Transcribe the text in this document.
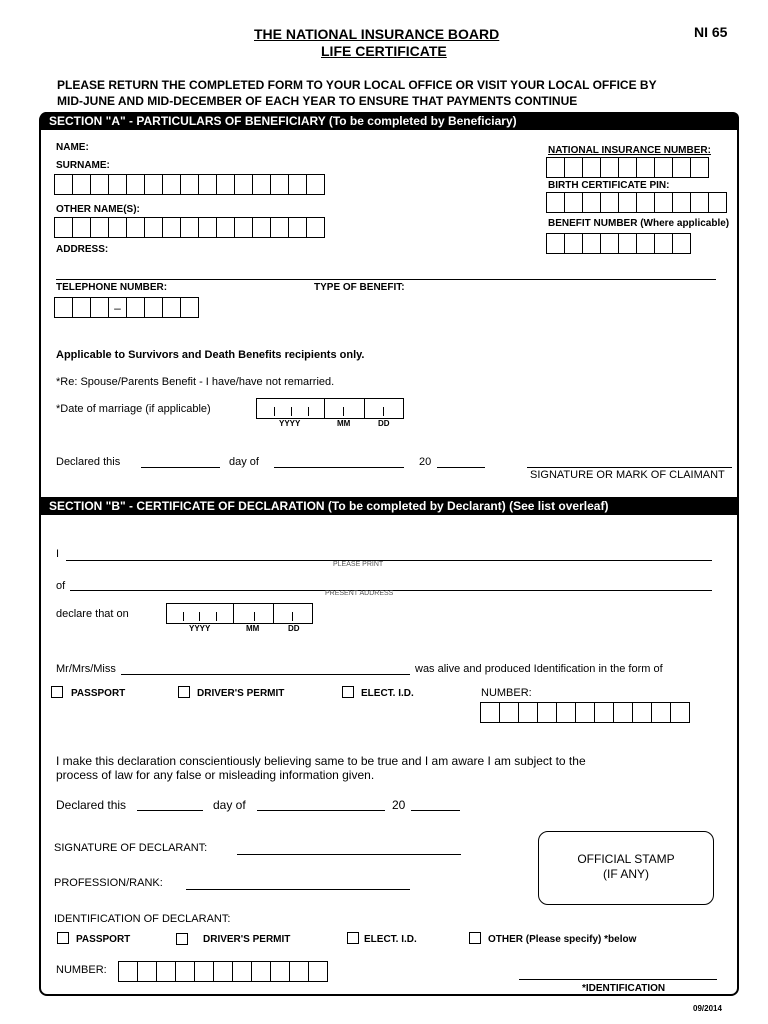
THE NATIONAL INSURANCE BOARD
LIFE CERTIFICATE
NI 65
PLEASE RETURN THE COMPLETED FORM TO YOUR LOCAL OFFICE OR VISIT YOUR LOCAL OFFICE BY
MID-JUNE AND MID-DECEMBER OF EACH YEAR TO ENSURE THAT PAYMENTS CONTINUE
SECTION "A" - PARTICULARS OF BENEFICIARY (To be completed by Beneficiary)
NAME:
SURNAME:
OTHER NAME(S):
ADDRESS:
NATIONAL INSURANCE NUMBER:
BIRTH CERTIFICATE PIN:
BENEFIT NUMBER (Where applicable)
TELEPHONE NUMBER:
–
TYPE OF BENEFIT:
Applicable to Survivors and Death Benefits recipients only.
*Re: Spouse/Parents Benefit - I have/have not remarried.
*Date of marriage (if applicable)
YYYY	MM	DD
Declared this	day of	20
SIGNATURE OR MARK OF CLAIMANT
SECTION "B" - CERTIFICATE OF DECLARATION (To be completed by Declarant) (See list overleaf)
I
PLEASE PRINT
of
PRESENT ADDRESS
declare that on
YYYY	MM	DD
Mr/Mrs/Miss	was alive and produced Identification in the form of
PASSPORT	DRIVER'S PERMIT	ELECT. I.D.	NUMBER:
I make this declaration conscientiously believing same to be true and I am aware I am subject to the
process of law for any false or misleading information given.
Declared this	day of	20
SIGNATURE OF DECLARANT:
PROFESSION/RANK:
OFFICIAL STAMP
(IF ANY)
IDENTIFICATION OF DECLARANT:
PASSPORT	DRIVER'S PERMIT	ELECT. I.D.	OTHER (Please specify) *below
NUMBER:
*IDENTIFICATION
09/2014
